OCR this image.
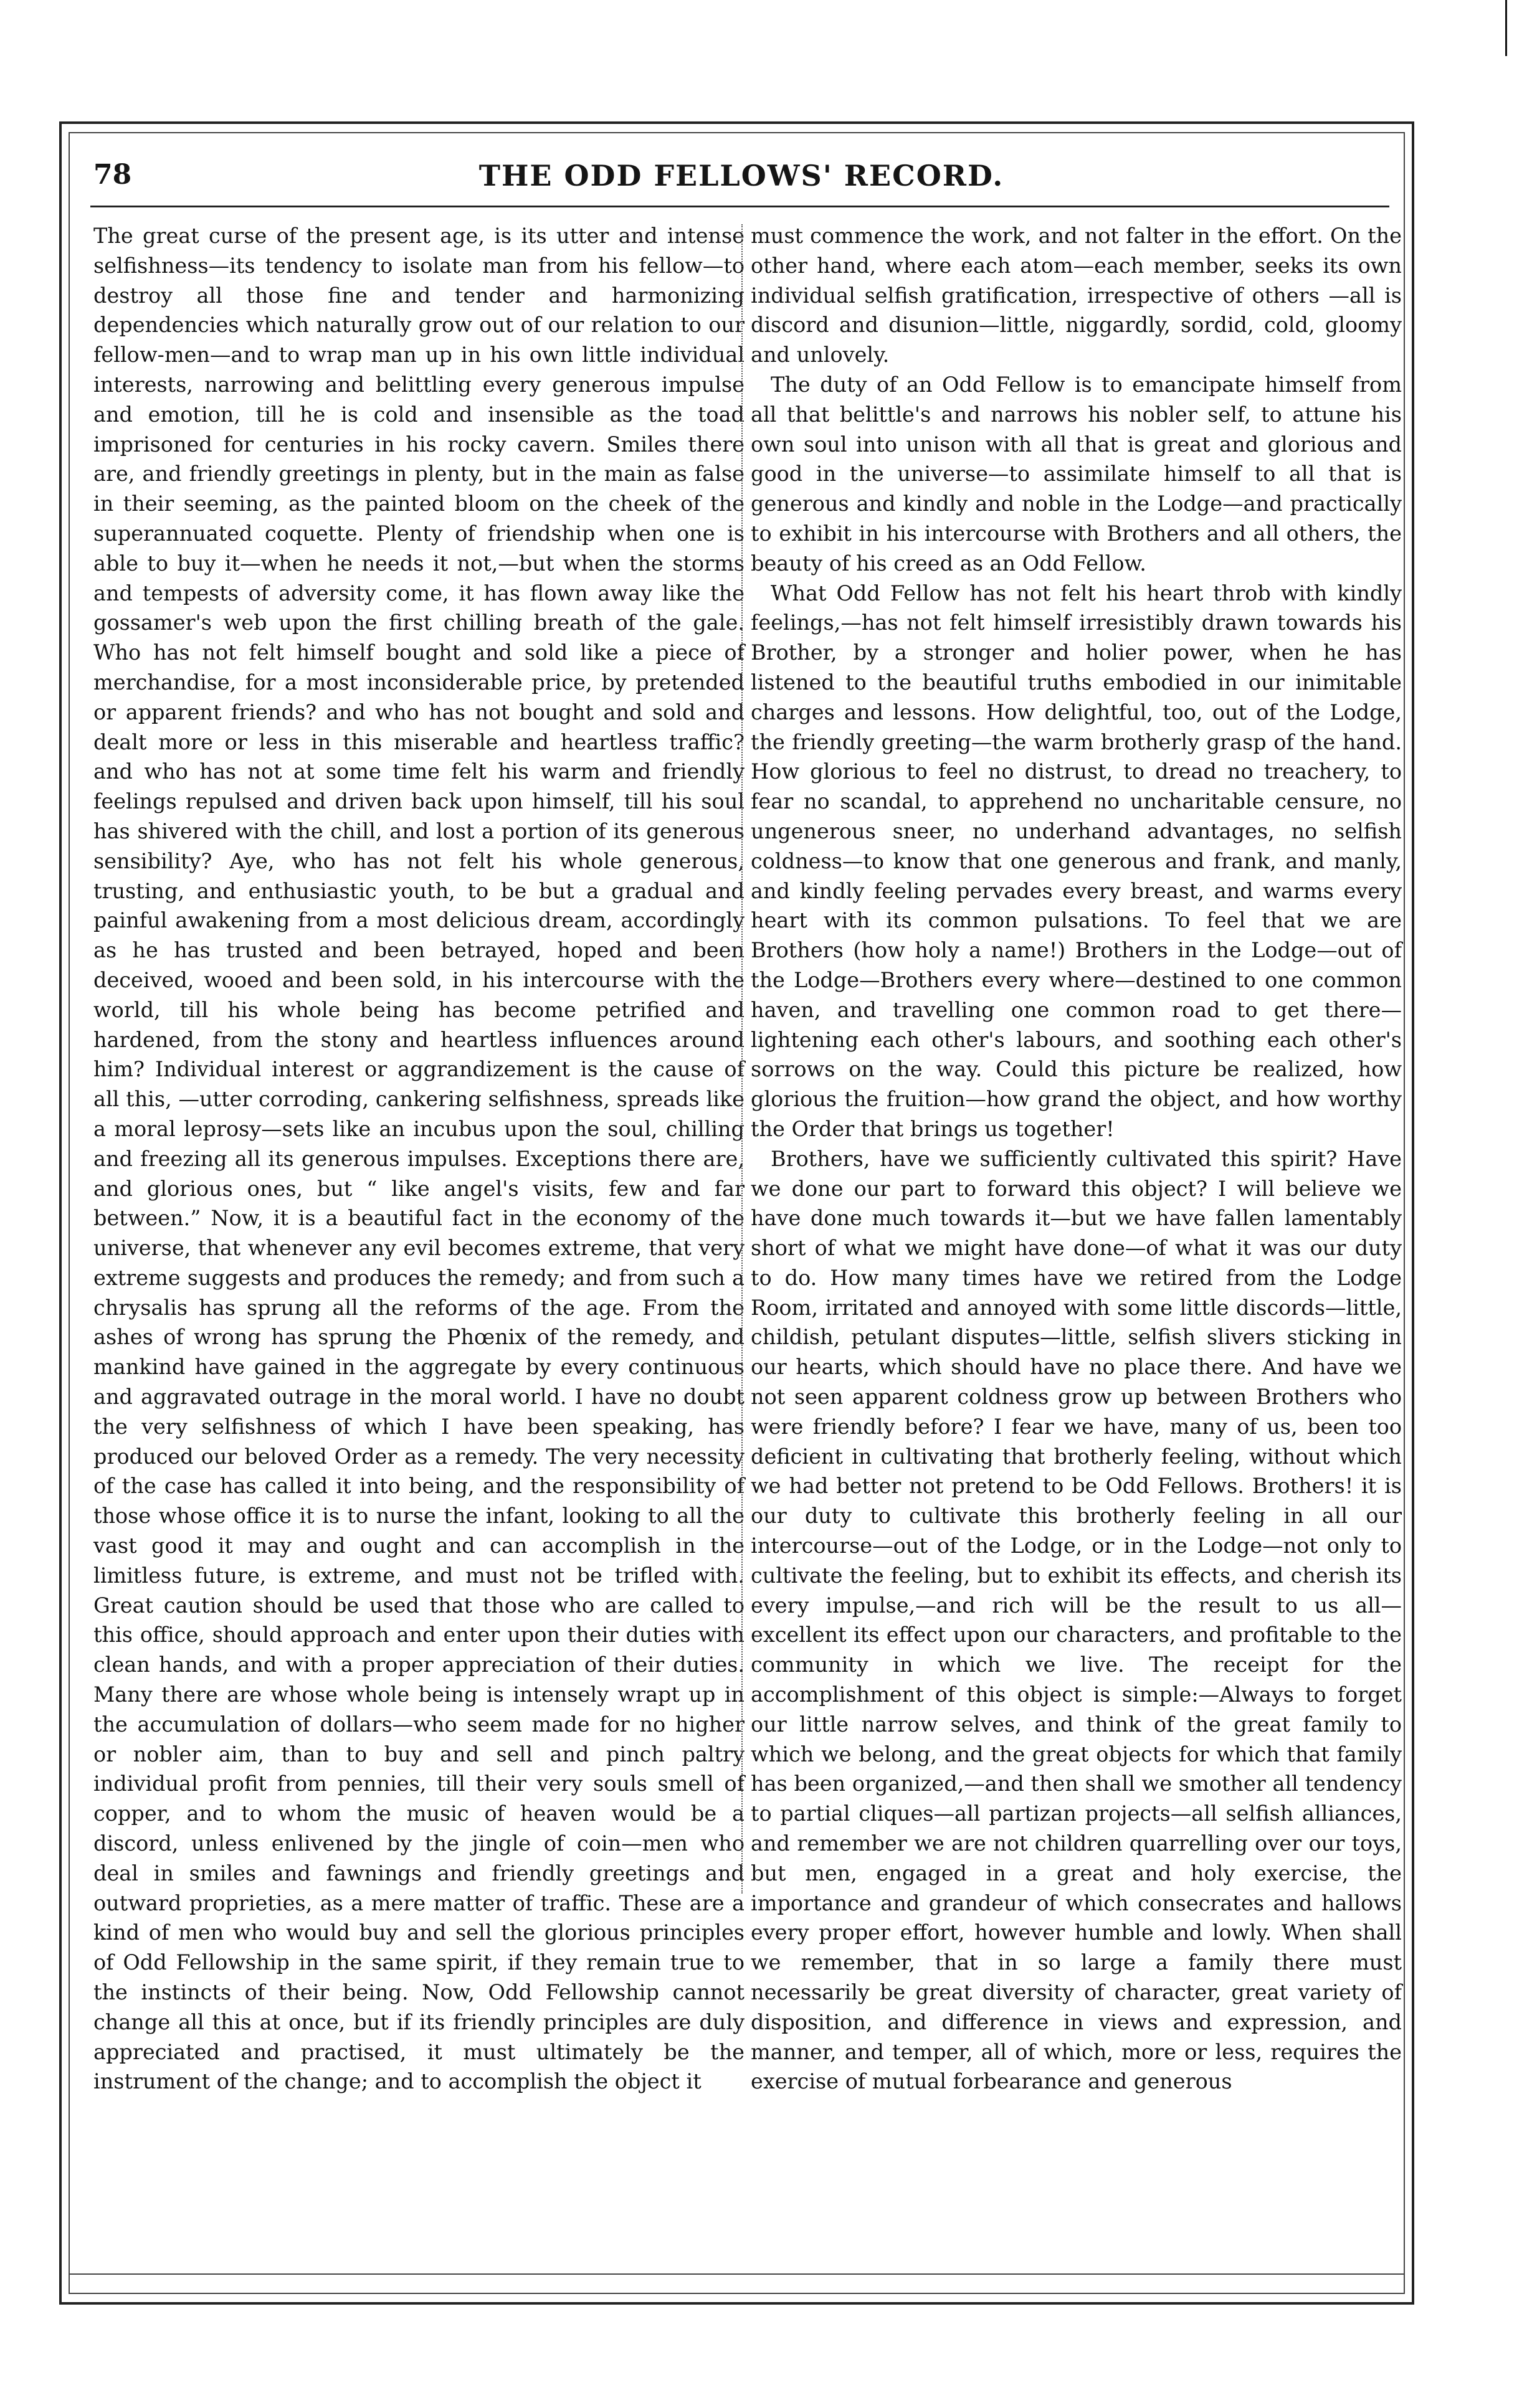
78	THE ODD FELLOWS' RECORD.

The great curse of the present age, is its utter and intense selfishness—its tendency to isolate man from his fellow—to destroy all those fine and tender and harmonizing dependencies which naturally grow out of our relation to our fellow-men—and to wrap man up in his own little individual interests, narrowing and belittling every generous impulse and emotion, till he is cold and insensible as the toad imprisoned for centuries in his rocky cavern. Smiles there are, and friendly greetings in plenty, but in the main as false in their seeming, as the painted bloom on the cheek of the superannuated coquette. Plenty of friendship when one is able to buy it—when he needs it not,—but when the storms and tempests of adversity come, it has flown away like the gossamer's web upon the first chilling breath of the gale. Who has not felt himself bought and sold like a piece of merchandise, for a most inconsiderable price, by pretended or apparent friends? and who has not bought and sold and dealt more or less in this miserable and heartless traffic? and who has not at some time felt his warm and friendly feelings repulsed and driven back upon himself, till his soul has shivered with the chill, and lost a portion of its generous sensibility? Aye, who has not felt his whole generous, trusting, and enthusiastic youth, to be but a gradual and painful awakening from a most delicious dream, accordingly as he has trusted and been betrayed, hoped and been deceived, wooed and been sold, in his intercourse with the world, till his whole being has become petrified and hardened, from the stony and heartless influences around him? Individual interest or aggrandizement is the cause of all this, —utter corroding, cankering selfishness, spreads like a moral leprosy—sets like an incubus upon the soul, chilling and freezing all its generous impulses. Exceptions there are, and glorious ones, but “ like angel's visits, few and far between.” Now, it is a beautiful fact in the economy of the universe, that whenever any evil becomes extreme, that very extreme suggests and produces the remedy; and from such a chrysalis has sprung all the reforms of the age. From the ashes of wrong has sprung the Phœnix of the remedy, and mankind have gained in the aggregate by every continuous and aggravated outrage in the moral world. I have no doubt the very selfishness of which I have been speaking, has produced our beloved Order as a remedy. The very necessity of the case has called it into being, and the responsibility of those whose office it is to nurse the infant, looking to all the vast good it may and ought and can accomplish in the limitless future, is extreme, and must not be trifled with. Great caution should be used that those who are called to this office, should approach and enter upon their duties with clean hands, and with a proper appreciation of their duties. Many there are whose whole being is intensely wrapt up in the accumulation of dollars—who seem made for no higher or nobler aim, than to buy and sell and pinch paltry individual profit from pennies, till their very souls smell of copper, and to whom the music of heaven would be a discord, unless enlivened by the jingle of coin—men who deal in smiles and fawnings and friendly greetings and outward proprieties, as a mere matter of traffic. These are a kind of men who would buy and sell the glorious principles of Odd Fellowship in the same spirit, if they remain true to the instincts of their being. Now, Odd Fellowship cannot change all this at once, but if its friendly principles are duly appreciated and practised, it must ultimately be the instrument of the change; and to accomplish the object it

must commence the work, and not falter in the effort. On the other hand, where each atom—each member, seeks its own individual selfish gratification, irrespective of others —all is discord and disunion—little, niggardly, sordid, cold, gloomy and unlovely.

The duty of an Odd Fellow is to emancipate himself from all that belittle's and narrows his nobler self, to attune his own soul into unison with all that is great and glorious and good in the universe—to assimilate himself to all that is generous and kindly and noble in the Lodge—and practically to exhibit in his intercourse with Brothers and all others, the beauty of his creed as an Odd Fellow.

What Odd Fellow has not felt his heart throb with kindly feelings,—has not felt himself irresistibly drawn towards his Brother, by a stronger and holier power, when he has listened to the beautiful truths embodied in our inimitable charges and lessons. How delightful, too, out of the Lodge, the friendly greeting—the warm brotherly grasp of the hand. How glorious to feel no distrust, to dread no treachery, to fear no scandal, to apprehend no uncharitable censure, no ungenerous sneer, no underhand advantages, no selfish coldness—to know that one generous and frank, and manly, and kindly feeling pervades every breast, and warms every heart with its common pulsations. To feel that we are Brothers (how holy a name!) Brothers in the Lodge—out of the Lodge—Brothers every where—destined to one common haven, and travelling one common road to get there—lightening each other's labours, and soothing each other's sorrows on the way. Could this picture be realized, how glorious the fruition—how grand the object, and how worthy the Order that brings us together!

Brothers, have we sufficiently cultivated this spirit? Have we done our part to forward this object? I will believe we have done much towards it—but we have fallen lamentably short of what we might have done—of what it was our duty to do. How many times have we retired from the Lodge Room, irritated and annoyed with some little discords—little, childish, petulant disputes—little, selfish slivers sticking in our hearts, which should have no place there. And have we not seen apparent coldness grow up between Brothers who were friendly before? I fear we have, many of us, been too deficient in cultivating that brotherly feeling, without which we had better not pretend to be Odd Fellows. Brothers! it is our duty to cultivate this brotherly feeling in all our intercourse—out of the Lodge, or in the Lodge—not only to cultivate the feeling, but to exhibit its effects, and cherish its every impulse,—and rich will be the result to us all—excellent its effect upon our characters, and profitable to the community in which we live. The receipt for the accomplishment of this object is simple:—Always to forget our little narrow selves, and think of the great family to which we belong, and the great objects for which that family has been organized,—and then shall we smother all tendency to partial cliques—all partizan projects—all selfish alliances, and remember we are not children quarrelling over our toys, but men, engaged in a great and holy exercise, the importance and grandeur of which consecrates and hallows every proper effort, however humble and lowly. When shall we remember, that in so large a family there must necessarily be great diversity of character, great variety of disposition, and difference in views and expression, and manner, and temper, all of which, more or less, requires the exercise of mutual forbearance and generous
